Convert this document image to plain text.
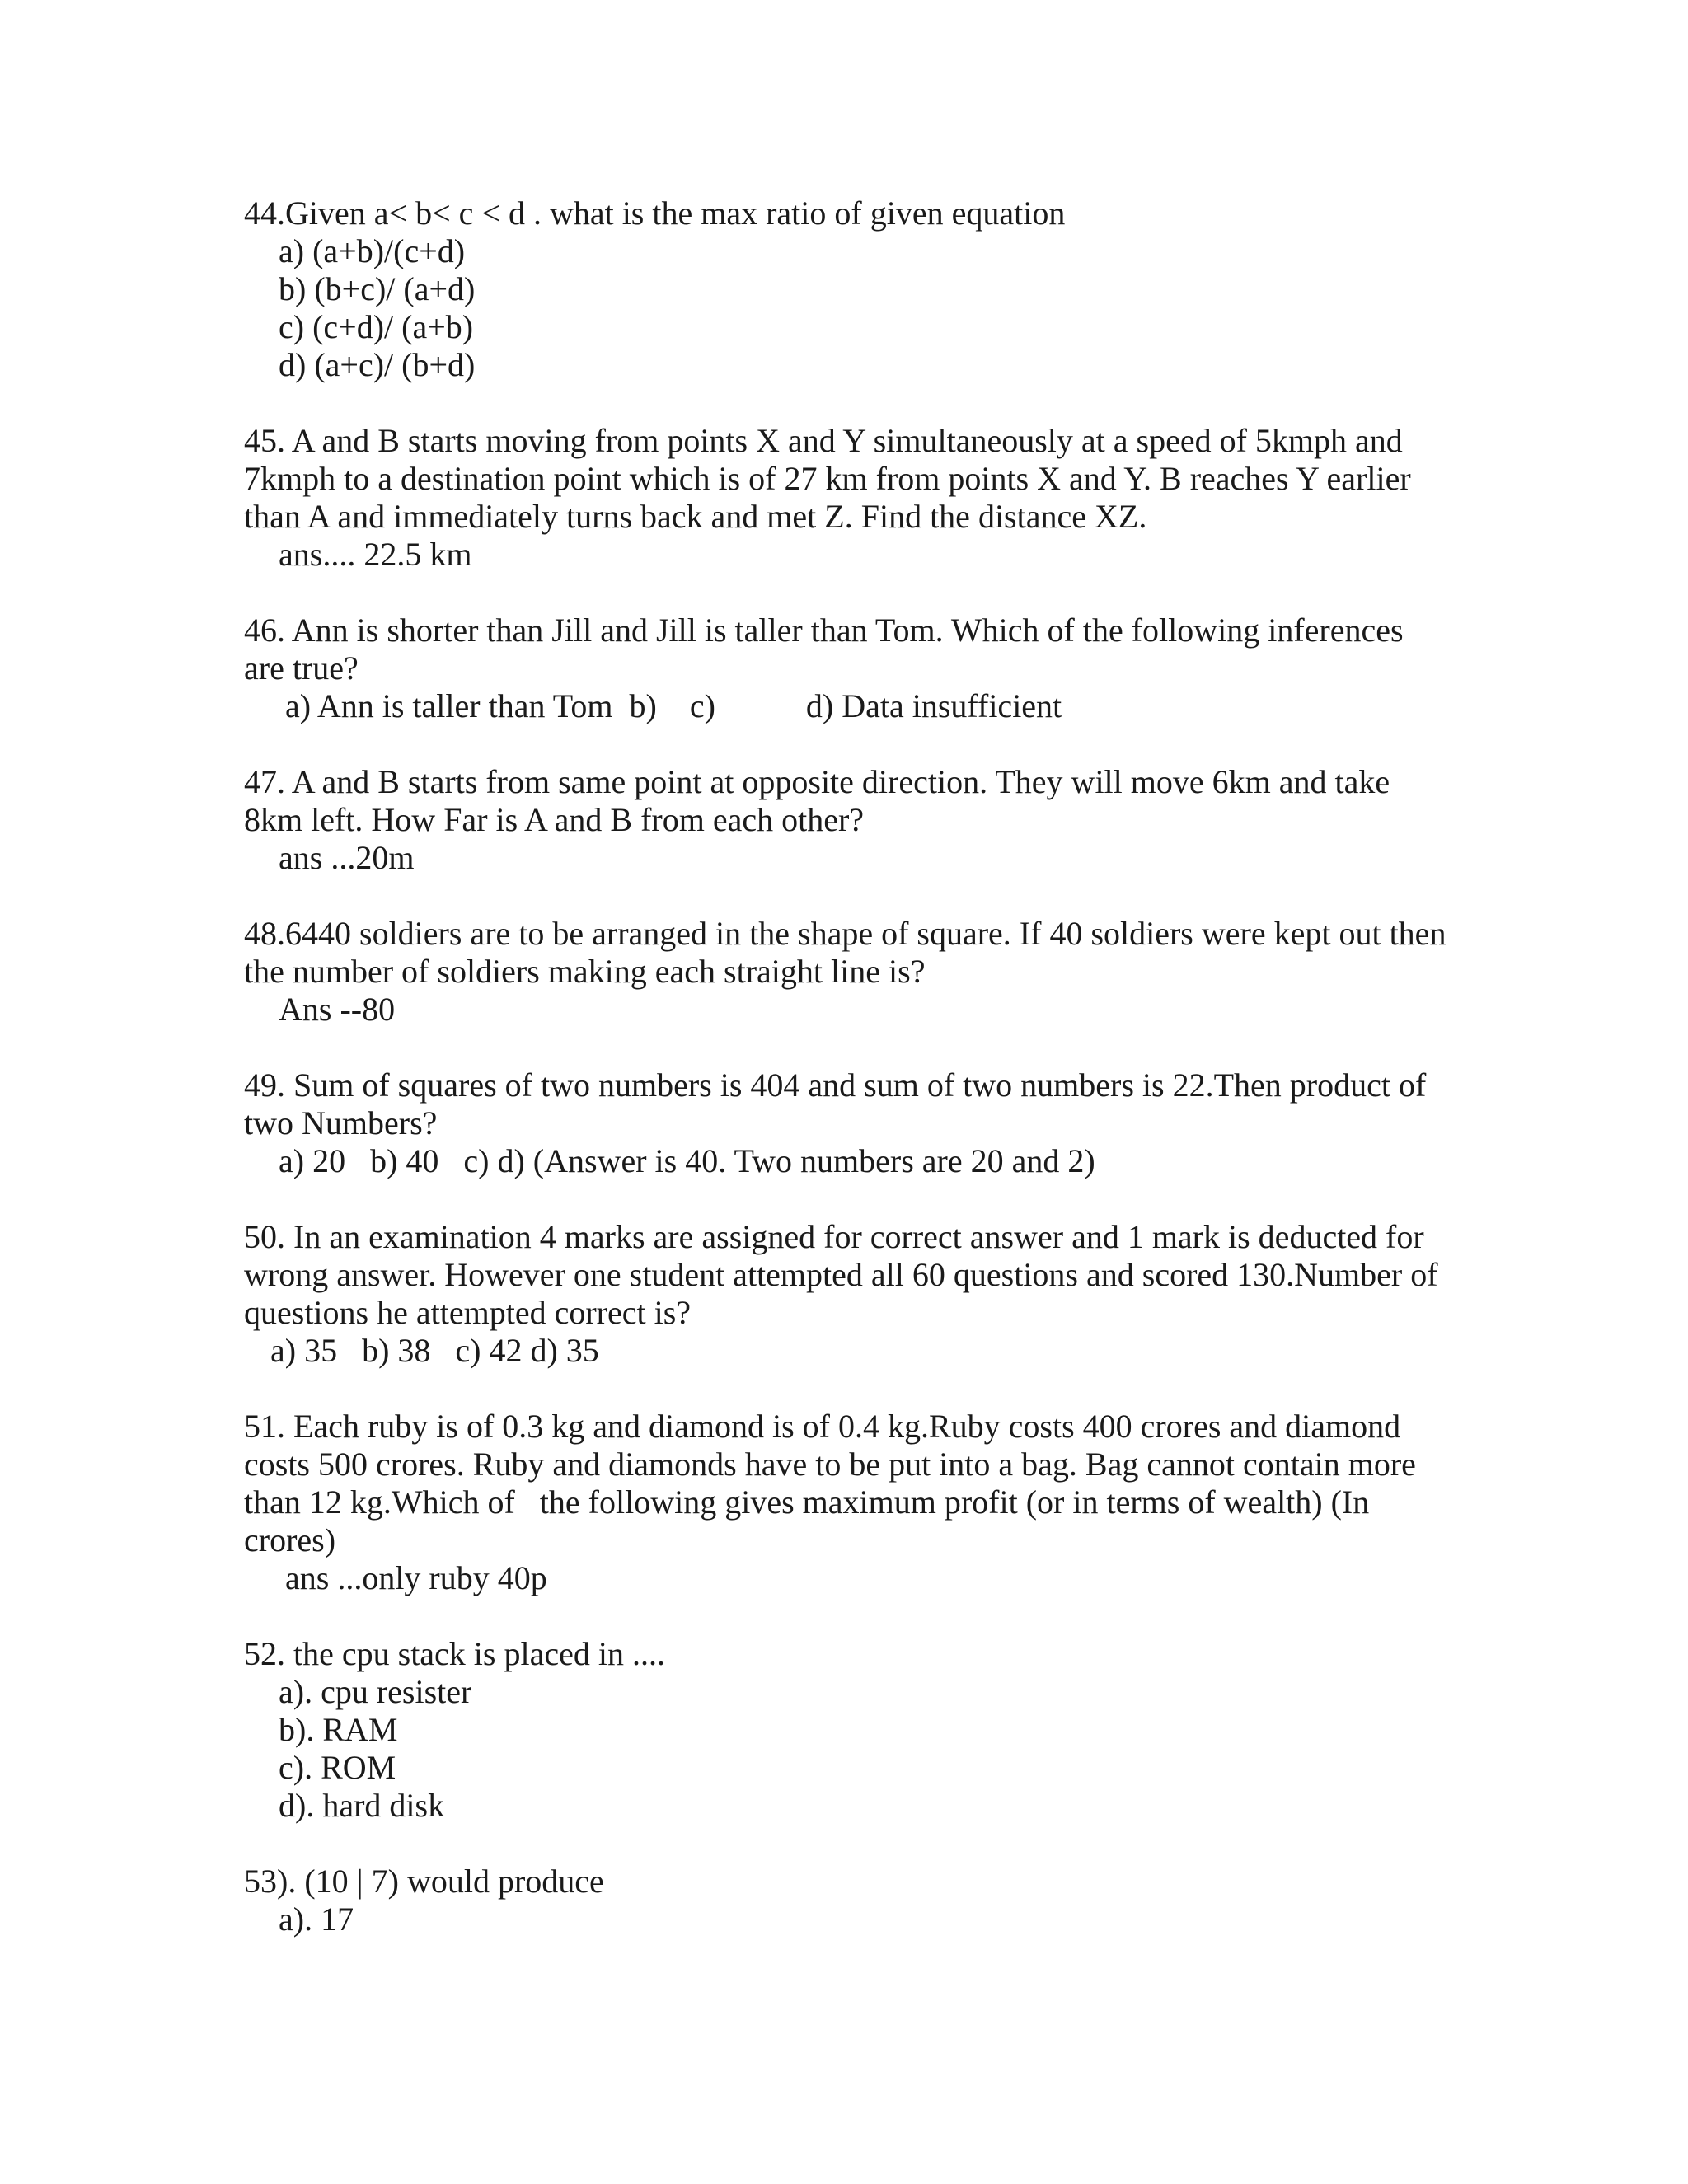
44.Given a< b< c < d . what is the max ratio of given equation
a) (a+b)/(c+d)
b) (b+c)/ (a+d)
c) (c+d)/ (a+b)
d) (a+c)/ (b+d)
45. A and B starts moving from points X and Y simultaneously at a speed of 5kmph and 7kmph to a destination point which is of 27 km from points X and Y. B reaches Y earlier than A and immediately turns back and met Z. Find the distance XZ.
ans.... 22.5 km
46. Ann is shorter than Jill and Jill is taller than Tom. Which of the following inferences are true?
a) Ann is taller than Tom  b)    c)           d) Data insufficient
47. A and B starts from same point at opposite direction. They will move 6km and take 8km left. How Far is A and B from each other?
ans ...20m
48.6440 soldiers are to be arranged in the shape of square. If 40 soldiers were kept out then the number of soldiers making each straight line is?
Ans --80
49. Sum of squares of two numbers is 404 and sum of two numbers is 22.Then product of two Numbers?
a) 20   b) 40   c) d) (Answer is 40. Two numbers are 20 and 2)
50. In an examination 4 marks are assigned for correct answer and 1 mark is deducted for wrong answer. However one student attempted all 60 questions and scored 130.Number of questions he attempted correct is?
a) 35   b) 38   c) 42 d) 35
51. Each ruby is of 0.3 kg and diamond is of 0.4 kg.Ruby costs 400 crores and diamond costs 500 crores. Ruby and diamonds have to be put into a bag. Bag cannot contain more than 12 kg.Which of   the following gives maximum profit (or in terms of wealth) (In crores)
ans ...only ruby 40p
52. the cpu stack is placed in ....
a). cpu resister
b). RAM
c). ROM
d). hard disk
53). (10 | 7) would produce
a). 17
